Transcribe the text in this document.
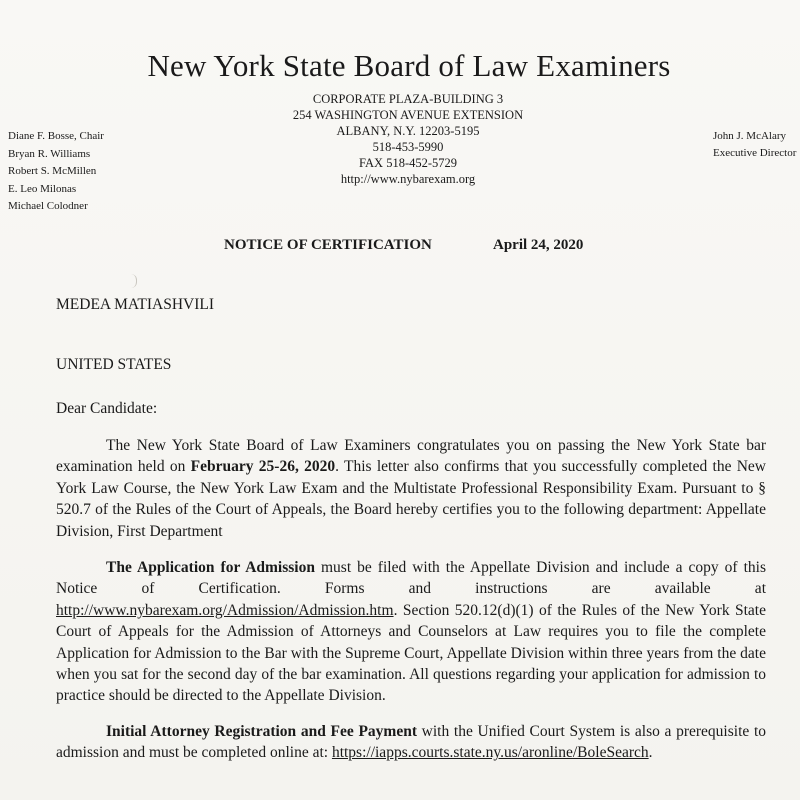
New York State Board of Law Examiners
CORPORATE PLAZA-BUILDING 3
254 WASHINGTON AVENUE EXTENSION
ALBANY, N.Y. 12203-5195
518-453-5990
FAX 518-452-5729
http://www.nybarexam.org
Diane F. Bosse, Chair
Bryan R. Williams
Robert S. McMillen
E. Leo Milonas
Michael Colodner
John J. McAlary
Executive Director
NOTICE OF CERTIFICATION	April 24, 2020
MEDEA MATIASHVILI
UNITED STATES
Dear Candidate:
The New York State Board of Law Examiners congratulates you on passing the New York State bar examination held on February 25-26, 2020. This letter also confirms that you successfully completed the New York Law Course, the New York Law Exam and the Multistate Professional Responsibility Exam. Pursuant to § 520.7 of the Rules of the Court of Appeals, the Board hereby certifies you to the following department: Appellate Division, First Department
The Application for Admission must be filed with the Appellate Division and include a copy of this Notice of Certification. Forms and instructions are available at http://www.nybarexam.org/Admission/Admission.htm. Section 520.12(d)(1) of the Rules of the New York State Court of Appeals for the Admission of Attorneys and Counselors at Law requires you to file the complete Application for Admission to the Bar with the Supreme Court, Appellate Division within three years from the date when you sat for the second day of the bar examination. All questions regarding your application for admission to practice should be directed to the Appellate Division.
Initial Attorney Registration and Fee Payment with the Unified Court System is also a prerequisite to admission and must be completed online at: https://iapps.courts.state.ny.us/aronline/BoleSearch.
